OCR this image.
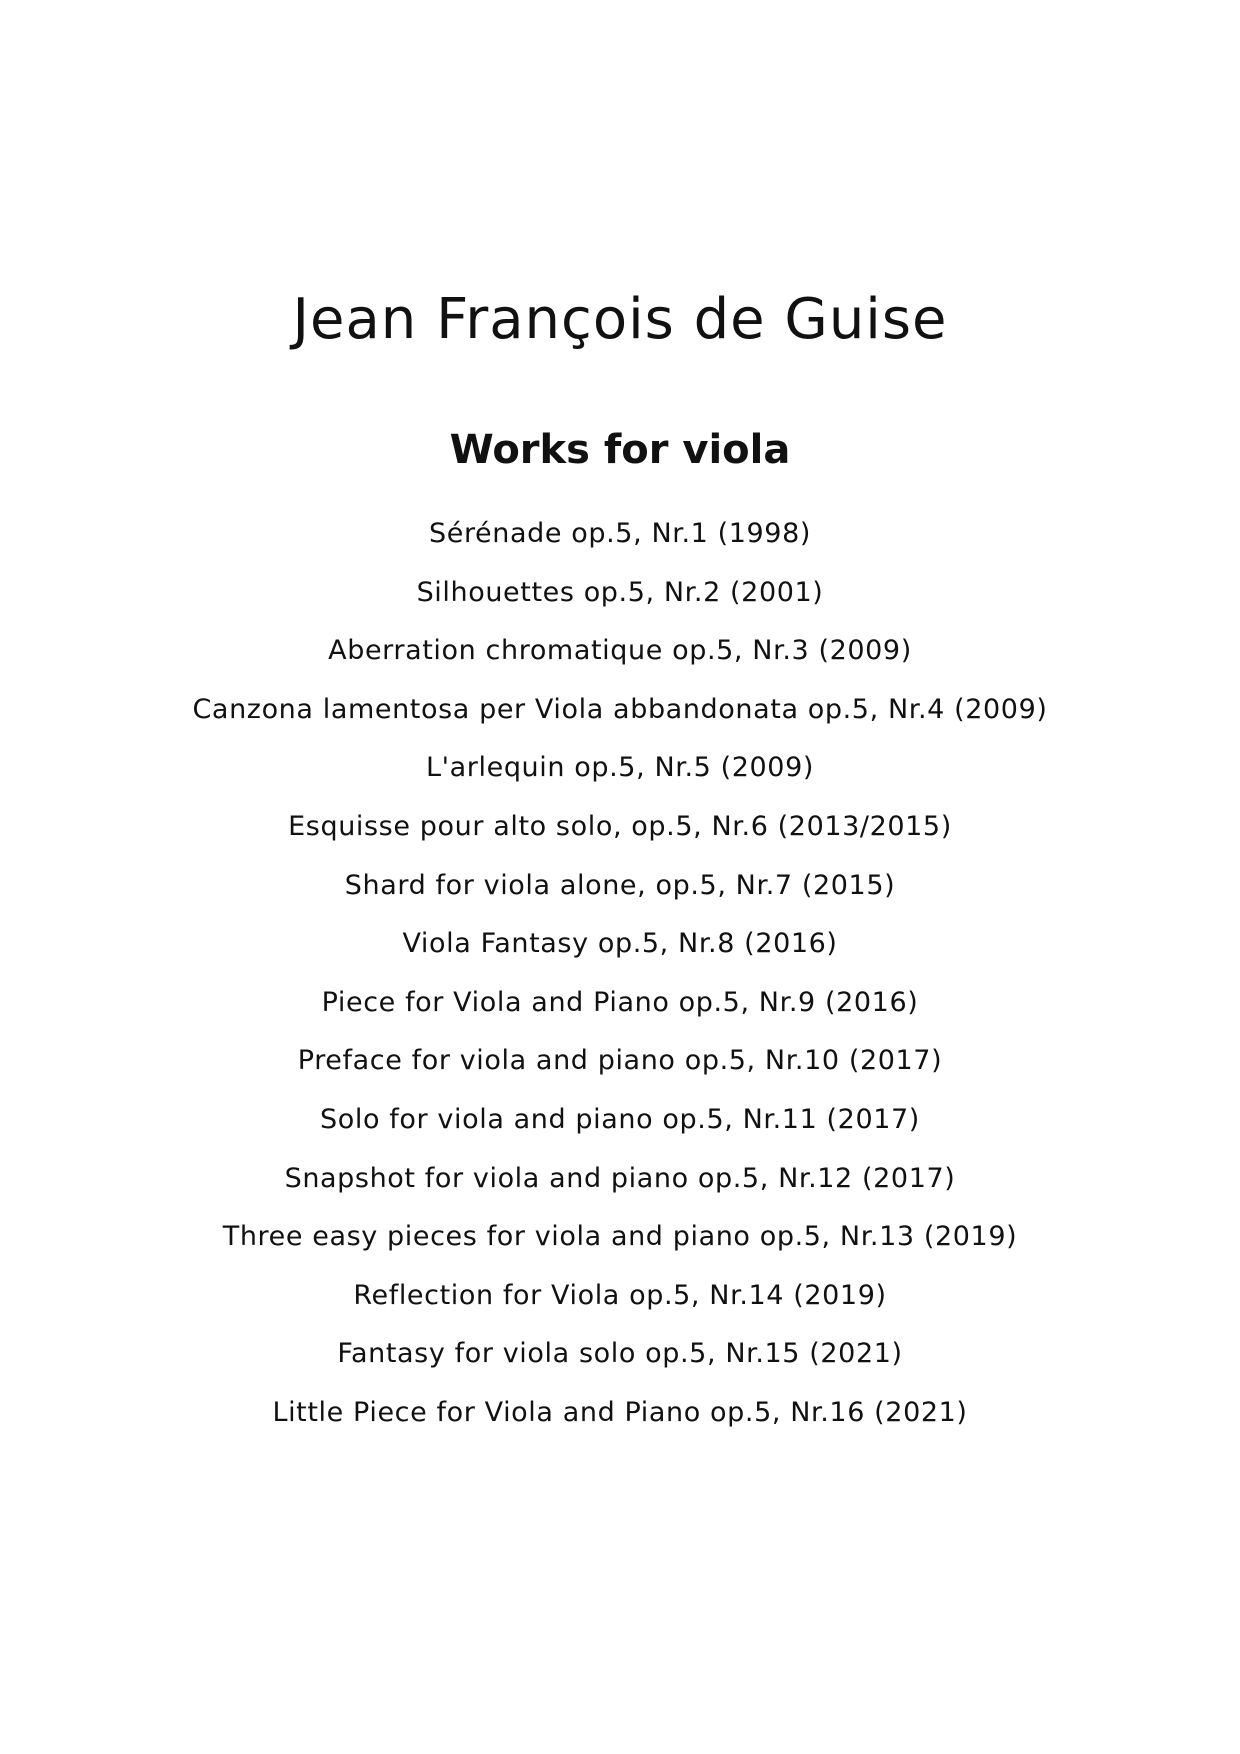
Jean François de Guise
Works for viola
Sérénade op.5, Nr.1 (1998)
Silhouettes op.5, Nr.2 (2001)
Aberration chromatique op.5, Nr.3 (2009)
Canzona lamentosa per Viola abbandonata op.5, Nr.4 (2009)
L'arlequin op.5, Nr.5 (2009)
Esquisse pour alto solo, op.5, Nr.6 (2013/2015)
Shard for viola alone, op.5, Nr.7 (2015)
Viola Fantasy op.5, Nr.8 (2016)
Piece for Viola and Piano op.5, Nr.9 (2016)
Preface for viola and piano op.5, Nr.10 (2017)
Solo for viola and piano op.5, Nr.11 (2017)
Snapshot for viola and piano op.5, Nr.12 (2017)
Three easy pieces for viola and piano op.5, Nr.13 (2019)
Reflection for Viola op.5, Nr.14 (2019)
Fantasy for viola solo op.5, Nr.15 (2021)
Little Piece for Viola and Piano op.5, Nr.16 (2021)
